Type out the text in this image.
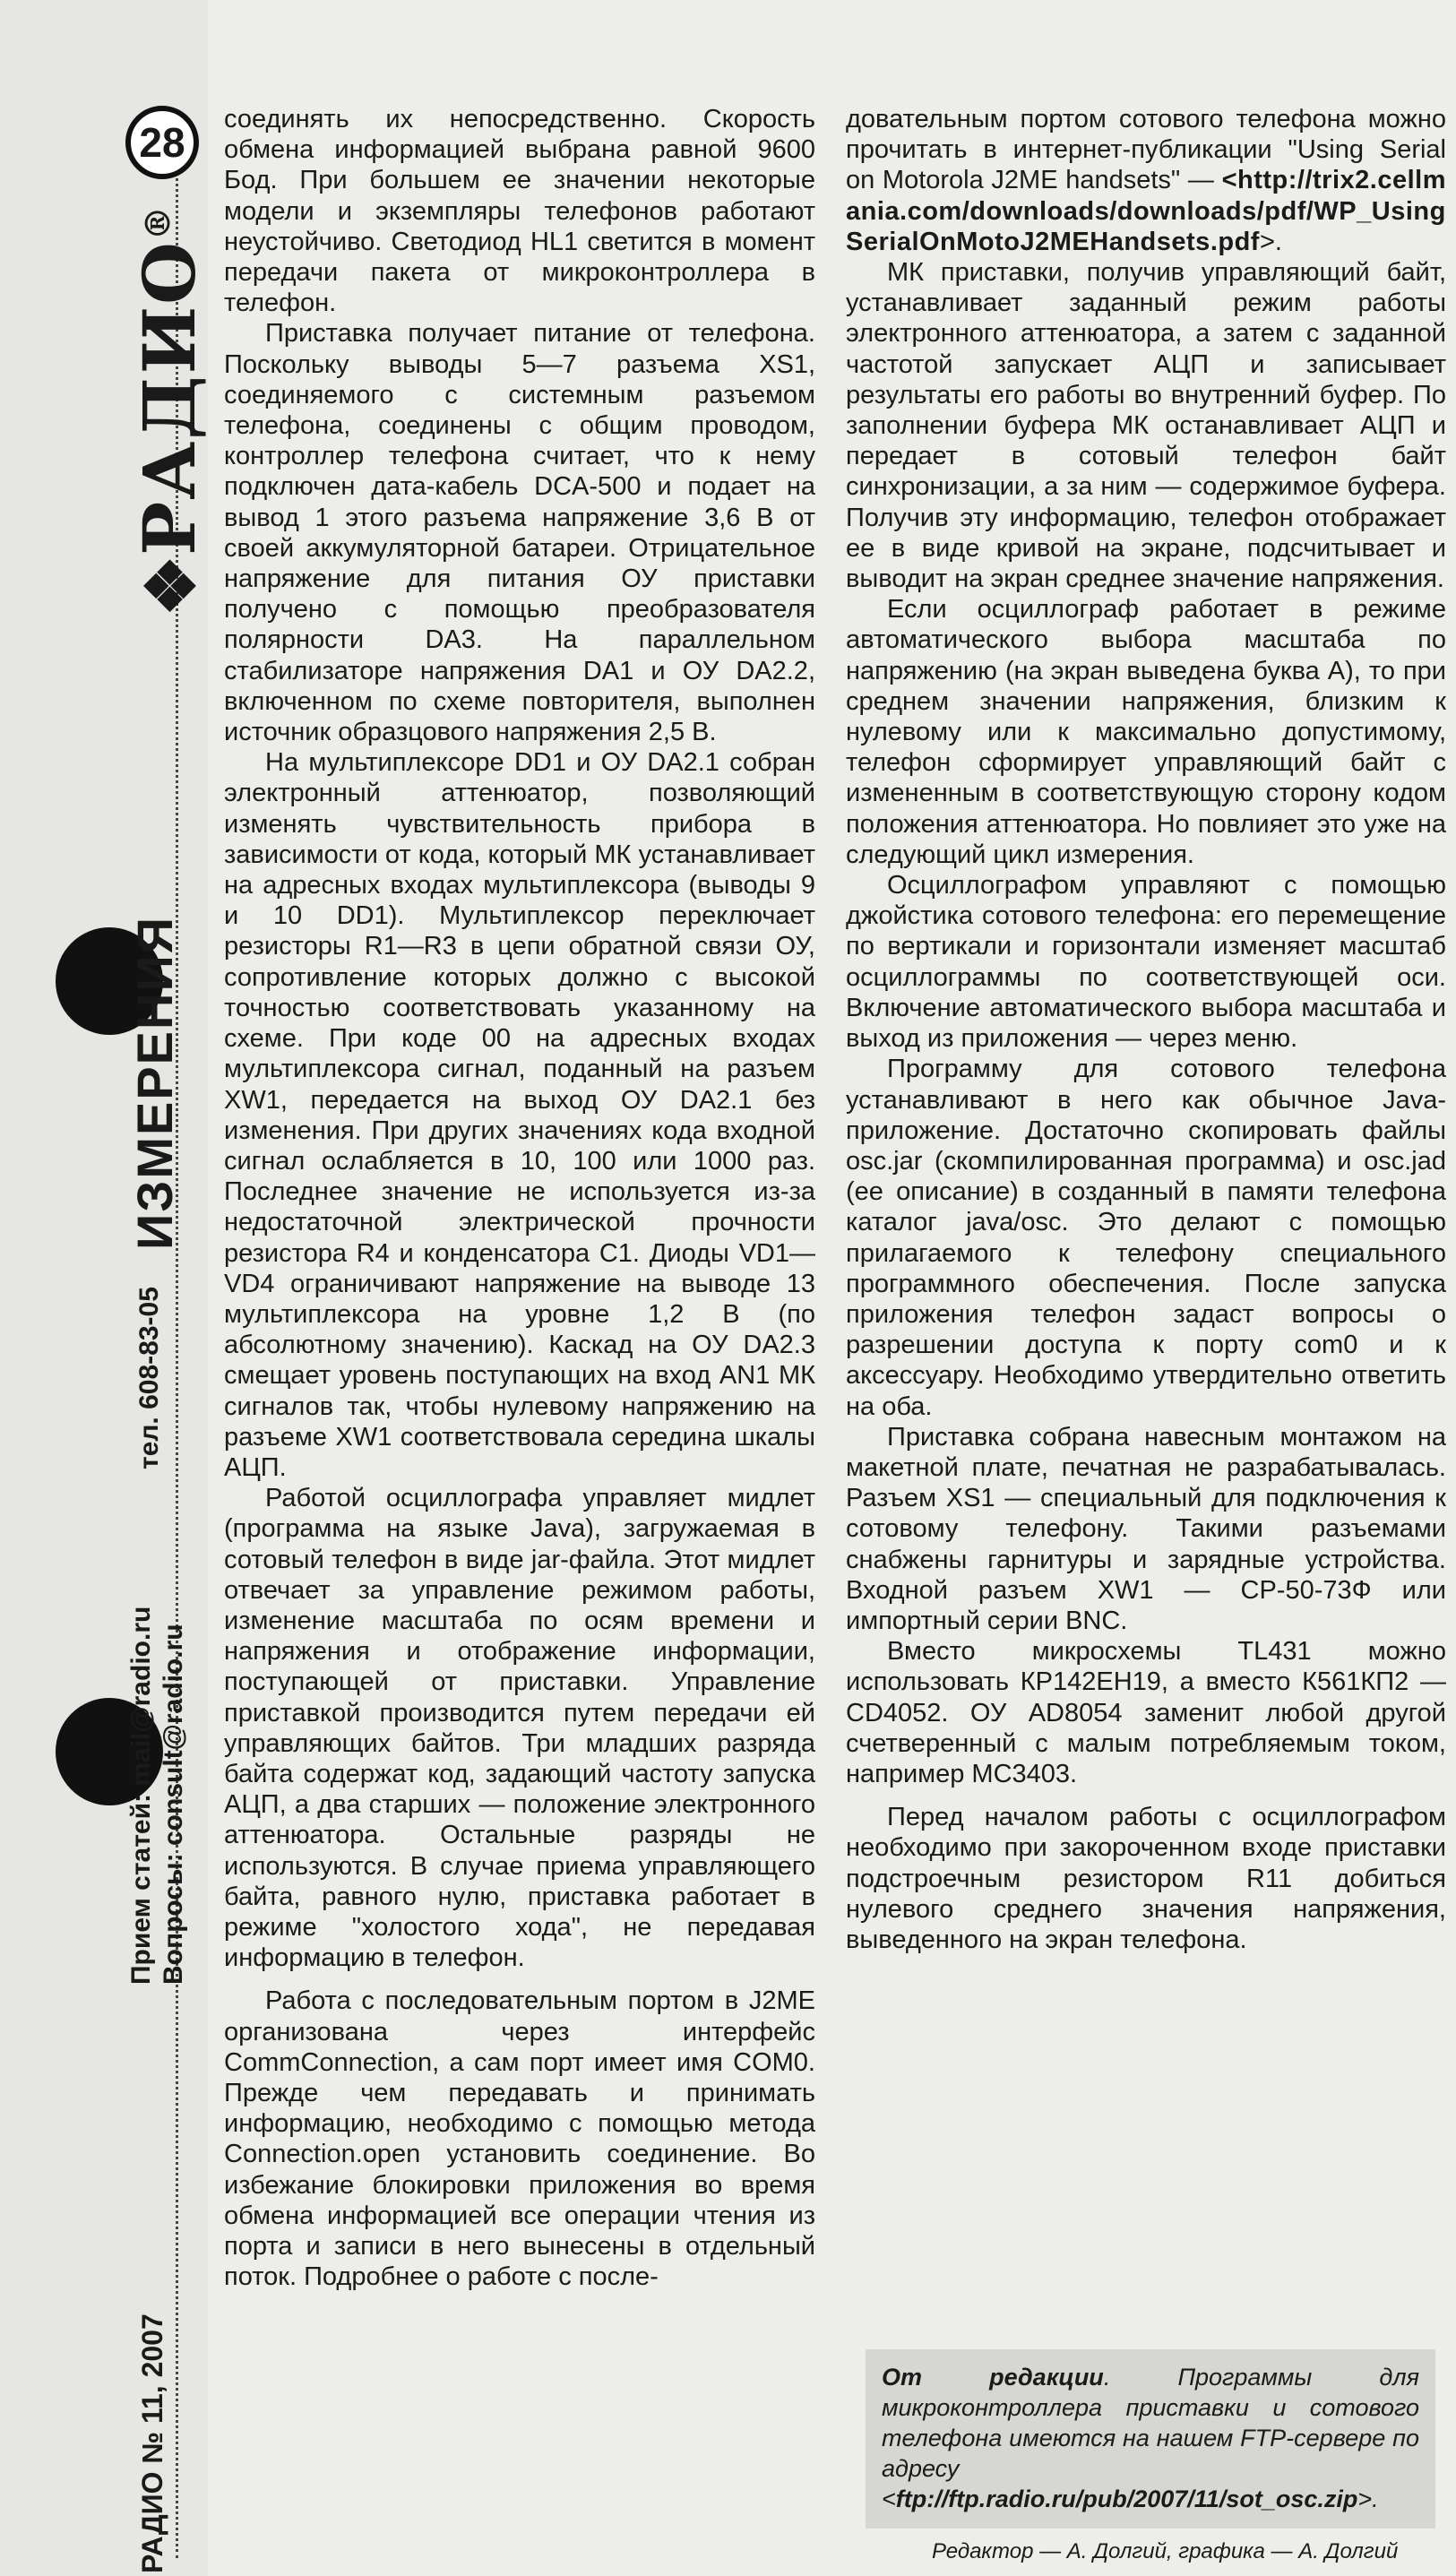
28
❖РАДИО®
ИЗМЕРЕНИЯ
тел. 608-83-05
Прием статей: mail@radio.ru Вопросы: consult@radio.ru
РАДИО № 11, 2007

соединять их непосредственно. Скорость обмена информацией выбрана равной 9600 Бод. При большем ее значении некоторые модели и экземпляры телефонов работают неустойчиво. Светодиод HL1 светится в момент передачи пакета от микроконтроллера в телефон.

Приставка получает питание от телефона. Поскольку выводы 5—7 разъема XS1, соединяемого с системным разъемом телефона, соединены с общим проводом, контроллер телефона считает, что к нему подключен дата-кабель DCA-500 и подает на вывод 1 этого разъема напряжение 3,6 В от своей аккумуляторной батареи. Отрицательное напряжение для питания ОУ приставки получено с помощью преобразователя полярности DA3. На параллельном стабилизаторе напряжения DA1 и ОУ DA2.2, включенном по схеме повторителя, выполнен источник образцового напряжения 2,5 В.

На мультиплексоре DD1 и ОУ DA2.1 собран электронный аттенюатор, позволяющий изменять чувствительность прибора в зависимости от кода, который МК устанавливает на адресных входах мультиплексора (выводы 9 и 10 DD1). Мультиплексор переключает резисторы R1—R3 в цепи обратной связи ОУ, сопротивление которых должно с высокой точностью соответствовать указанному на схеме. При коде 00 на адресных входах мультиплексора сигнал, поданный на разъем XW1, передается на выход ОУ DA2.1 без изменения. При других значениях кода входной сигнал ослабляется в 10, 100 или 1000 раз. Последнее значение не используется из-за недостаточной электрической прочности резистора R4 и конденсатора C1. Диоды VD1—VD4 ограничивают напряжение на выводе 13 мультиплексора на уровне 1,2 В (по абсолютному значению). Каскад на ОУ DA2.3 смещает уровень поступающих на вход AN1 МК сигналов так, чтобы нулевому напряжению на разъеме XW1 соответствовала середина шкалы АЦП.

Работой осциллографа управляет мидлет (программа на языке Java), загружаемая в сотовый телефон в виде jar-файла. Этот мидлет отвечает за управление режимом работы, изменение масштаба по осям времени и напряжения и отображение информации, поступающей от приставки. Управление приставкой производится путем передачи ей управляющих байтов. Три младших разряда байта содержат код, задающий частоту запуска АЦП, а два старших — положение электронного аттенюатора. Остальные разряды не используются. В случае приема управляющего байта, равного нулю, приставка работает в режиме "холостого хода", не передавая информацию в телефон.

Работа с последовательным портом в J2ME организована через интерфейс CommConnection, а сам порт имеет имя COM0. Прежде чем передавать и принимать информацию, необходимо с помощью метода Connection.open установить соединение. Во избежание блокировки приложения во время обмена информацией все операции чтения из порта и записи в него вынесены в отдельный поток. Подробнее о работе с после-

довательным портом сотового телефона можно прочитать в интернет-публикации "Using Serial on Motorola J2ME handsets" — <http://trix2.cellmania.com/downloads/downloads/pdf/WP_UsingSerialOnMotoJ2MEHandsets.pdf>.

МК приставки, получив управляющий байт, устанавливает заданный режим работы электронного аттенюатора, а затем с заданной частотой запускает АЦП и записывает результаты его работы во внутренний буфер. По заполнении буфера МК останавливает АЦП и передает в сотовый телефон байт синхронизации, а за ним — содержимое буфера. Получив эту информацию, телефон отображает ее в виде кривой на экране, подсчитывает и выводит на экран среднее значение напряжения.

Если осциллограф работает в режиме автоматического выбора масштаба по напряжению (на экран выведена буква А), то при среднем значении напряжения, близким к нулевому или к максимально допустимому, телефон сформирует управляющий байт с измененным в соответствующую сторону кодом положения аттенюатора. Но повлияет это уже на следующий цикл измерения.

Осциллографом управляют с помощью джойстика сотового телефона: его перемещение по вертикали и горизонтали изменяет масштаб осциллограммы по соответствующей оси. Включение автоматического выбора масштаба и выход из приложения — через меню.

Программу для сотового телефона устанавливают в него как обычное Java-приложение. Достаточно скопировать файлы osc.jar (скомпилированная программа) и osc.jad (ее описание) в созданный в памяти телефона каталог java/osc. Это делают с помощью прилагаемого к телефону специального программного обеспечения. После запуска приложения телефон задаст вопросы о разрешении доступа к порту com0 и к аксессуару. Необходимо утвердительно ответить на оба.

Приставка собрана навесным монтажом на макетной плате, печатная не разрабатывалась. Разъем XS1 — специальный для подключения к сотовому телефону. Такими разъемами снабжены гарнитуры и зарядные устройства. Входной разъем XW1 — СР-50-73Ф или импортный серии BNC.

Вместо микросхемы TL431 можно использовать КР142ЕН19, а вместо К561КП2 — CD4052. ОУ AD8054 заменит любой другой счетверенный с малым потребляемым током, например MC3403.

Перед началом работы с осциллографом необходимо при закороченном входе приставки подстроечным резистором R11 добиться нулевого среднего значения напряжения, выведенного на экран телефона.

От редакции. Программы для микроконтроллера приставки и сотового телефона имеются на нашем FTP-сервере по адресу <ftp://ftp.radio.ru/pub/2007/11/sot_osc.zip>.
Редактор — А. Долгий, графика — А. Долгий
